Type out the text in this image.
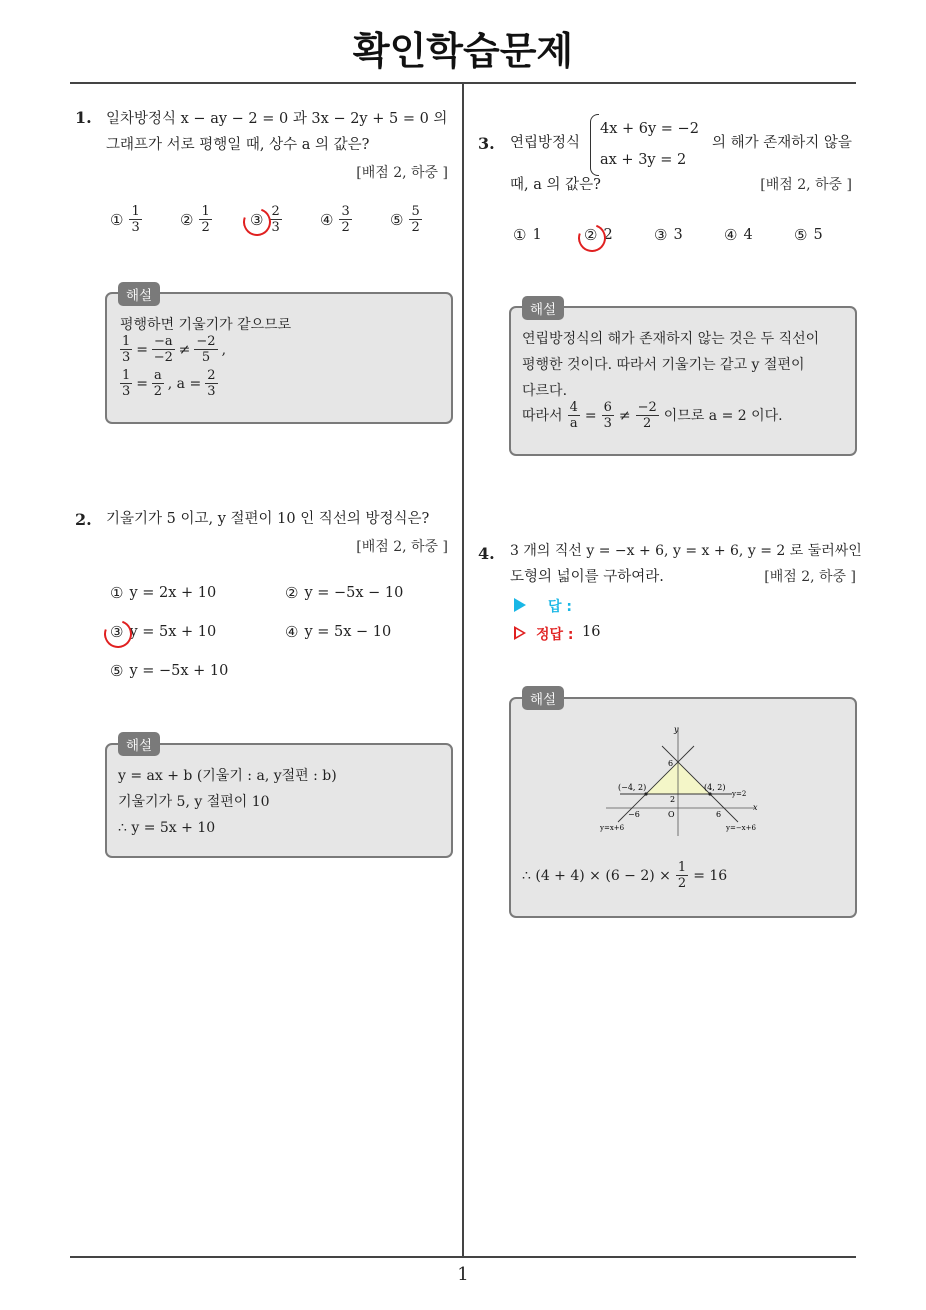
확인학습문제
1
1. 일차방정식 x − ay − 2 = 0 과 3x − 2y + 5 = 0 의
그래프가 서로 평행일 때, 상수 a 의 값은?
[배점 2, 하중 ]
① $\frac{1}{3}$	② $\frac{1}{2}$	③ $\frac{2}{3}$	④ $\frac{3}{2}$	⑤ $\frac{5}{2}$
해설
평행하면 기울기가 같으므로
$\frac{1}{3} = \frac{-a}{-2} \ne \frac{-2}{5}$ ,
$\frac{1}{3} = \frac{a}{2}$ , $a = \frac{2}{3}$
2. 기울기가 5 이고, y 절편이 10 인 직선의 방정식은?
[배점 2, 하중 ]
① y = 2x + 10	② y = −5x − 10
③ y = 5x + 10	④ y = 5x − 10
⑤ y = −5x + 10
해설
y = ax + b (기울기 : a, y절편 : b)
기울기가 5, y 절편이 10
∴ y = 5x + 10
3. 연립방정식
4x + 6y = −2
ax + 3y = 2
의 해가 존재하지 않을
때, a 의 값은?	[배점 2, 하중 ]
① 1	② 2	③ 3	④ 4	⑤ 5
해설
연립방정식의 해가 존재하지 않는 것은 두 직선이
평행한 것이다. 따라서 기울기는 같고 y 절편이
다르다.
따라서 $\frac{4}{a} = \frac{6}{3} \ne \frac{-2}{2}$ 이므로 a = 2 이다.
4. 3 개의 직선 y = −x + 6, y = x + 6, y = 2 로 둘러싸인
도형의 넓이를 구하여라.	[배점 2, 하중 ]
답 :
정답 : 16
해설
y
x
O
6
2
(−4, 2)	(4, 2)
y=2
−6	6
y=x+6	y=−x+6
∴ $(4 + 4) \times (6 - 2) \times \frac{1}{2} = 16$
